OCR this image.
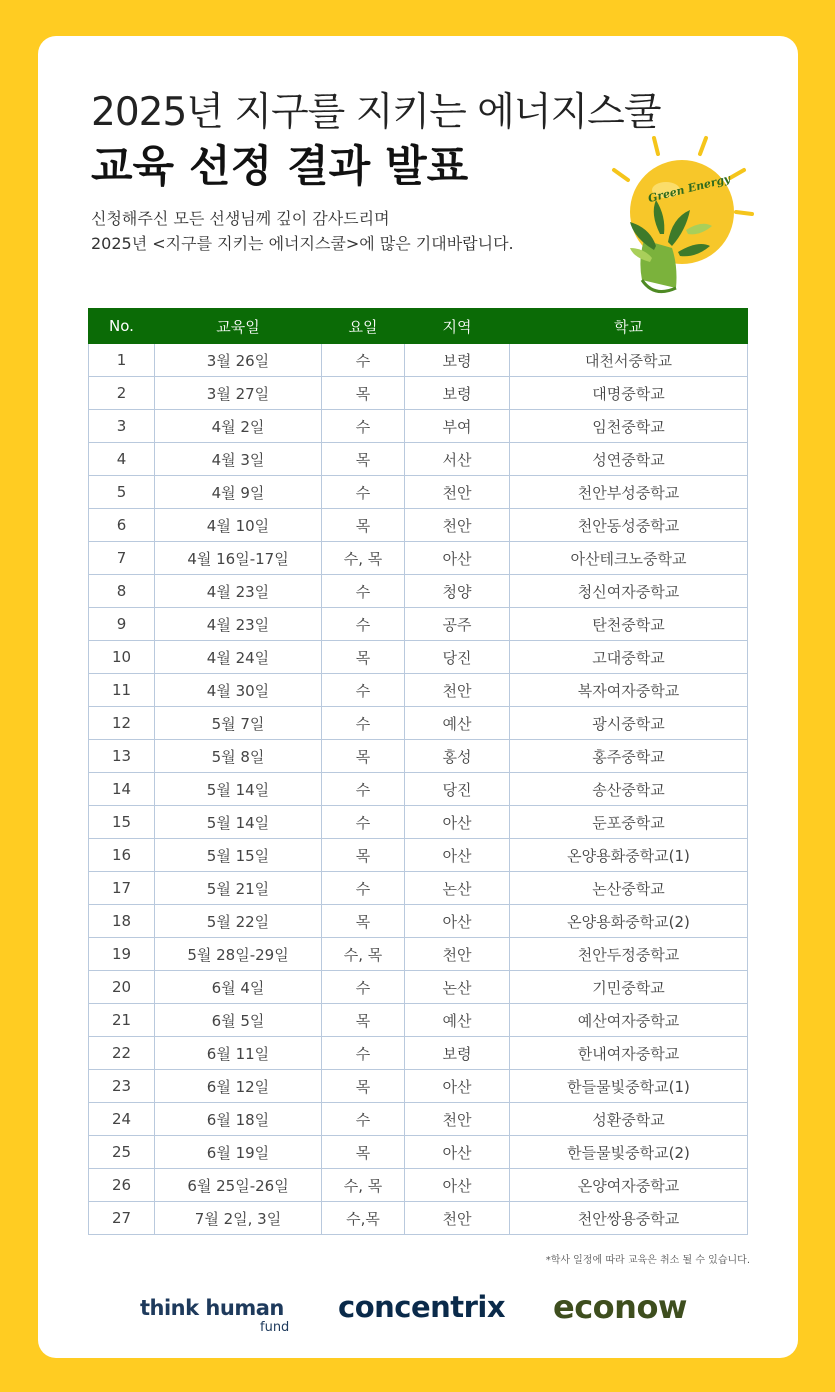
2025년 지구를 지키는 에너지스쿨
교육 선정 결과 발표
신청해주신 모든 선생님께 깊이 감사드리며
2025년 <지구를 지키는 에너지스쿨>에 많은 기대바랍니다.
Green Energy
No.	교육일	요일	지역	학교
1	3월 26일	수	보령	대천서중학교
2	3월 27일	목	보령	대명중학교
3	4월 2일	수	부여	임천중학교
4	4월 3일	목	서산	성연중학교
5	4월 9일	수	천안	천안부성중학교
6	4월 10일	목	천안	천안동성중학교
7	4월 16일-17일	수, 목	아산	아산테크노중학교
8	4월 23일	수	청양	청신여자중학교
9	4월 23일	수	공주	탄천중학교
10	4월 24일	목	당진	고대중학교
11	4월 30일	수	천안	복자여자중학교
12	5월 7일	수	예산	광시중학교
13	5월 8일	목	홍성	홍주중학교
14	5월 14일	수	당진	송산중학교
15	5월 14일	수	아산	둔포중학교
16	5월 15일	목	아산	온양용화중학교(1)
17	5월 21일	수	논산	논산중학교
18	5월 22일	목	아산	온양용화중학교(2)
19	5월 28일-29일	수, 목	천안	천안두정중학교
20	6월 4일	수	논산	기민중학교
21	6월 5일	목	예산	예산여자중학교
22	6월 11일	수	보령	한내여자중학교
23	6월 12일	목	아산	한들물빛중학교(1)
24	6월 18일	수	천안	성환중학교
25	6월 19일	목	아산	한들물빛중학교(2)
26	6월 25일-26일	수, 목	아산	온양여자중학교
27	7월 2일, 3일	수,목	천안	천안쌍용중학교
*학사 일정에 따라 교육은 취소 될 수 있습니다.
think human
fund
concentrix econow
